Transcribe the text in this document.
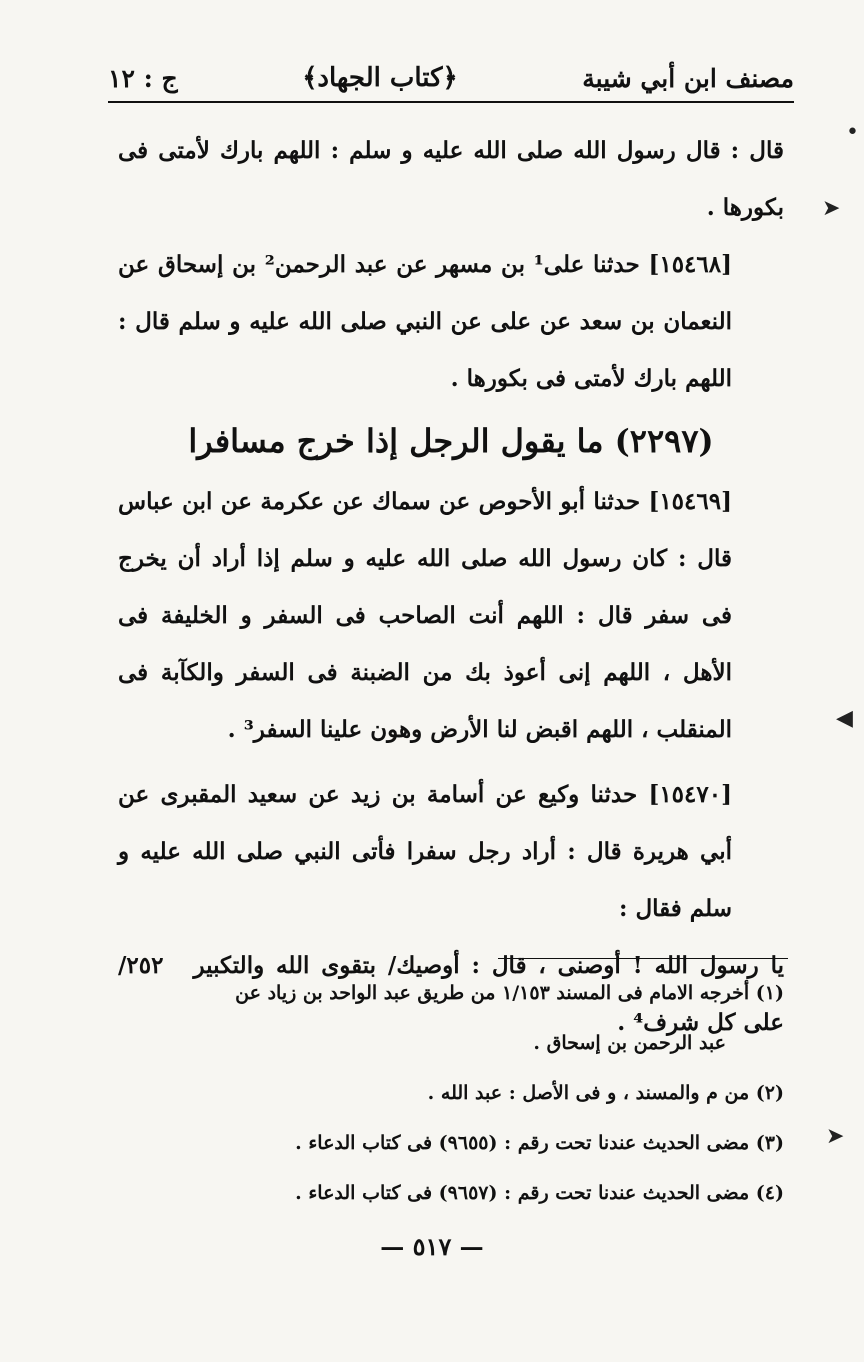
مصنف ابن أبي شيبة
﴿كتاب الجهاد﴾
ج : ١٢

قال : قال رسول الله صلى الله عليه و سلم : اللهم بارك لأمتى فى بكورها .

[١٥٤٦٨] حدثنا على¹ بن مسهر عن عبد الرحمن² بن إسحاق عن النعمان بن سعد عن على عن النبي صلى الله عليه و سلم قال : اللهم بارك لأمتى فى بكورها .

(٢٢٩٧) ما يقول الرجل إذا خرج مسافرا

[١٥٤٦٩] حدثنا أبو الأحوص عن سماك عن عكرمة عن ابن عباس قال : كان رسول الله صلى الله عليه و سلم إذا أراد أن يخرج فى سفر قال : اللهم أنت الصاحب فى السفر و الخليفة فى الأهل ، اللهم إنى أعوذ بك من الضبنة فى السفر والكآبة فى المنقلب ، اللهم اقبض لنا الأرض وهون علينا السفر³ .

[١٥٤٧٠] حدثنا وكيع عن أسامة بن زيد عن سعيد المقبرى عن أبي هريرة قال : أراد رجل سفرا فأتى النبي صلى الله عليه و سلم فقال :

٢٥٢/ يا رسول الله ! أوصنى ، قال : أوصيك/ بتقوى الله والتكبير على كل شرف⁴ .

(١) أخرجه الامام فى المسند ١/١٥٣ من طريق عبد الواحد بن زياد عن

عبد الرحمن بن إسحاق .

(٢) من م والمسند ، و فى الأصل : عبد الله .

(٣) مضى الحديث عندنا تحت رقم : (٩٦٥٥) فى كتاب الدعاء .

(٤) مضى الحديث عندنا تحت رقم : (٩٦٥٧) فى كتاب الدعاء .

— ٥١٧ —
•
➤
◀
➤
